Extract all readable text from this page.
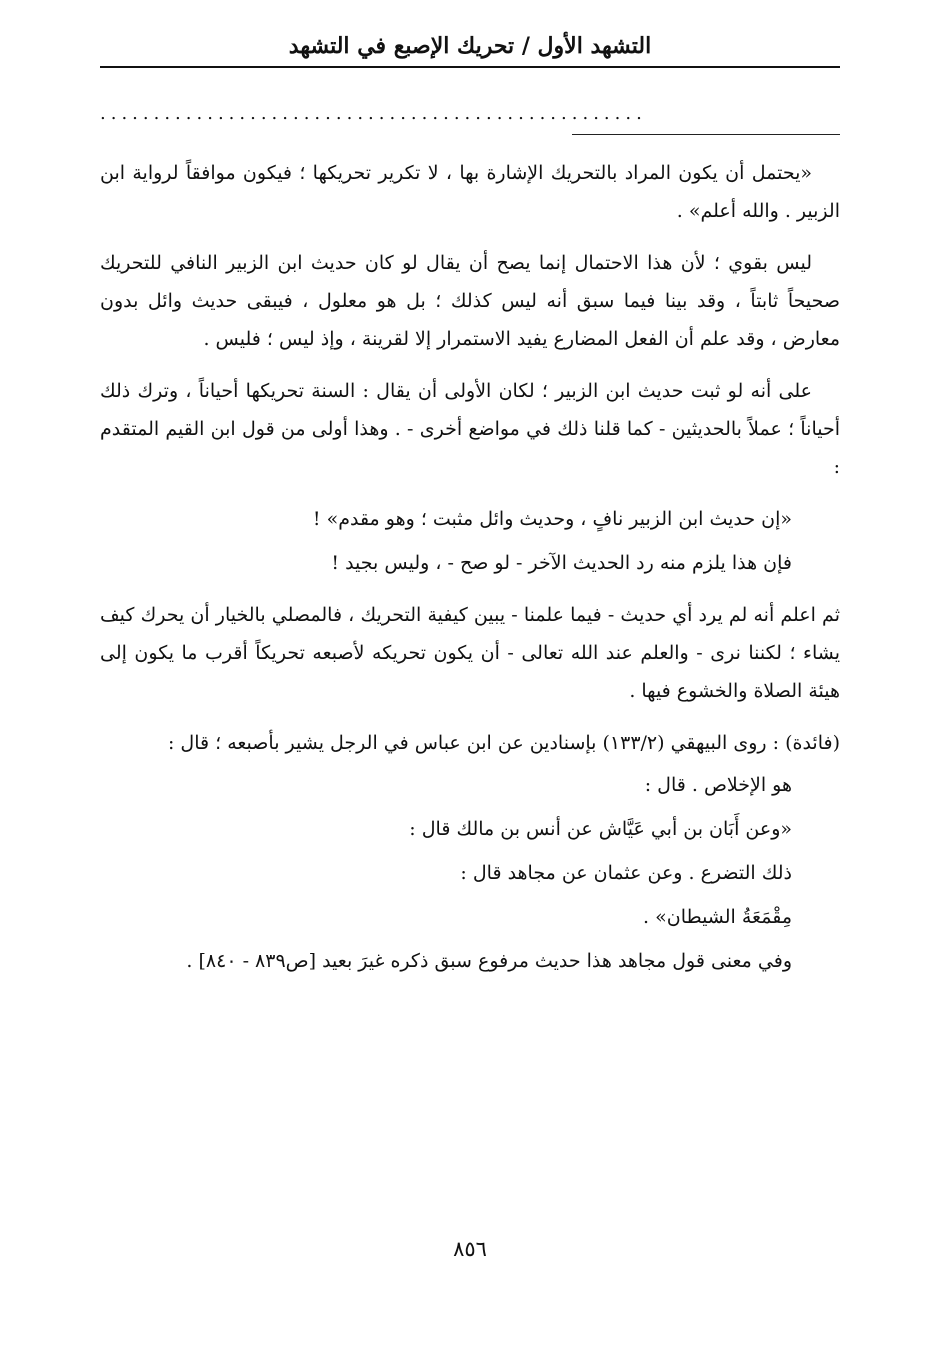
التشهد الأول / تحريك الإصبع في التشهد
...................................................

«يحتمل أن يكون المراد بالتحريك الإشارة بها ، لا تكرير تحريكها ؛ فيكون موافقاً لرواية ابن الزبير . والله أعلم» .

ليس بقوي ؛ لأن هذا الاحتمال إنما يصح أن يقال لو كان حديث ابن الزبير النافي للتحريك صحيحاً ثابتاً ، وقد بينا فيما سبق أنه ليس كذلك ؛ بل هو معلول ، فيبقى حديث وائل بدون معارض ، وقد علم أن الفعل المضارع يفيد الاستمرار إلا لقرينة ، وإذ ليس ؛ فليس .

على أنه لو ثبت حديث ابن الزبير ؛ لكان الأولى أن يقال : السنة تحريكها أحياناً ، وترك ذلك أحياناً ؛ عملاً بالحديثين - كما قلنا ذلك في مواضع أخرى - . وهذا أولى من قول ابن القيم المتقدم :

«إن حديث ابن الزبير نافٍ ، وحديث وائل مثبت ؛ وهو مقدم» !

فإن هذا يلزم منه رد الحديث الآخر - لو صح - ، وليس بجيد !

ثم اعلم أنه لم يرد أي حديث - فيما علمنا - يبين كيفية التحريك ، فالمصلي بالخيار أن يحرك كيف يشاء ؛ لكننا نرى - والعلم عند الله تعالى - أن يكون تحريكه لأصبعه تحريكاً أقرب ما يكون إلى هيئة الصلاة والخشوع فيها .

(فائدة) : روى البيهقي (١٣٣/٢) بإسنادين عن ابن عباس في الرجل يشير بأصبعه ؛ قال :

هو الإخلاص . قال :

«وعن أَبَان بن أبي عَيَّاش عن أنس بن مالك قال :

ذلك التضرع . وعن عثمان عن مجاهد قال :

مِقْمَعَةُ الشيطان» .

وفي معنى قول مجاهد هذا حديث مرفوع سبق ذكره غيرَ بعيد [ص٨٣٩ - ٨٤٠] .

٨٥٦
